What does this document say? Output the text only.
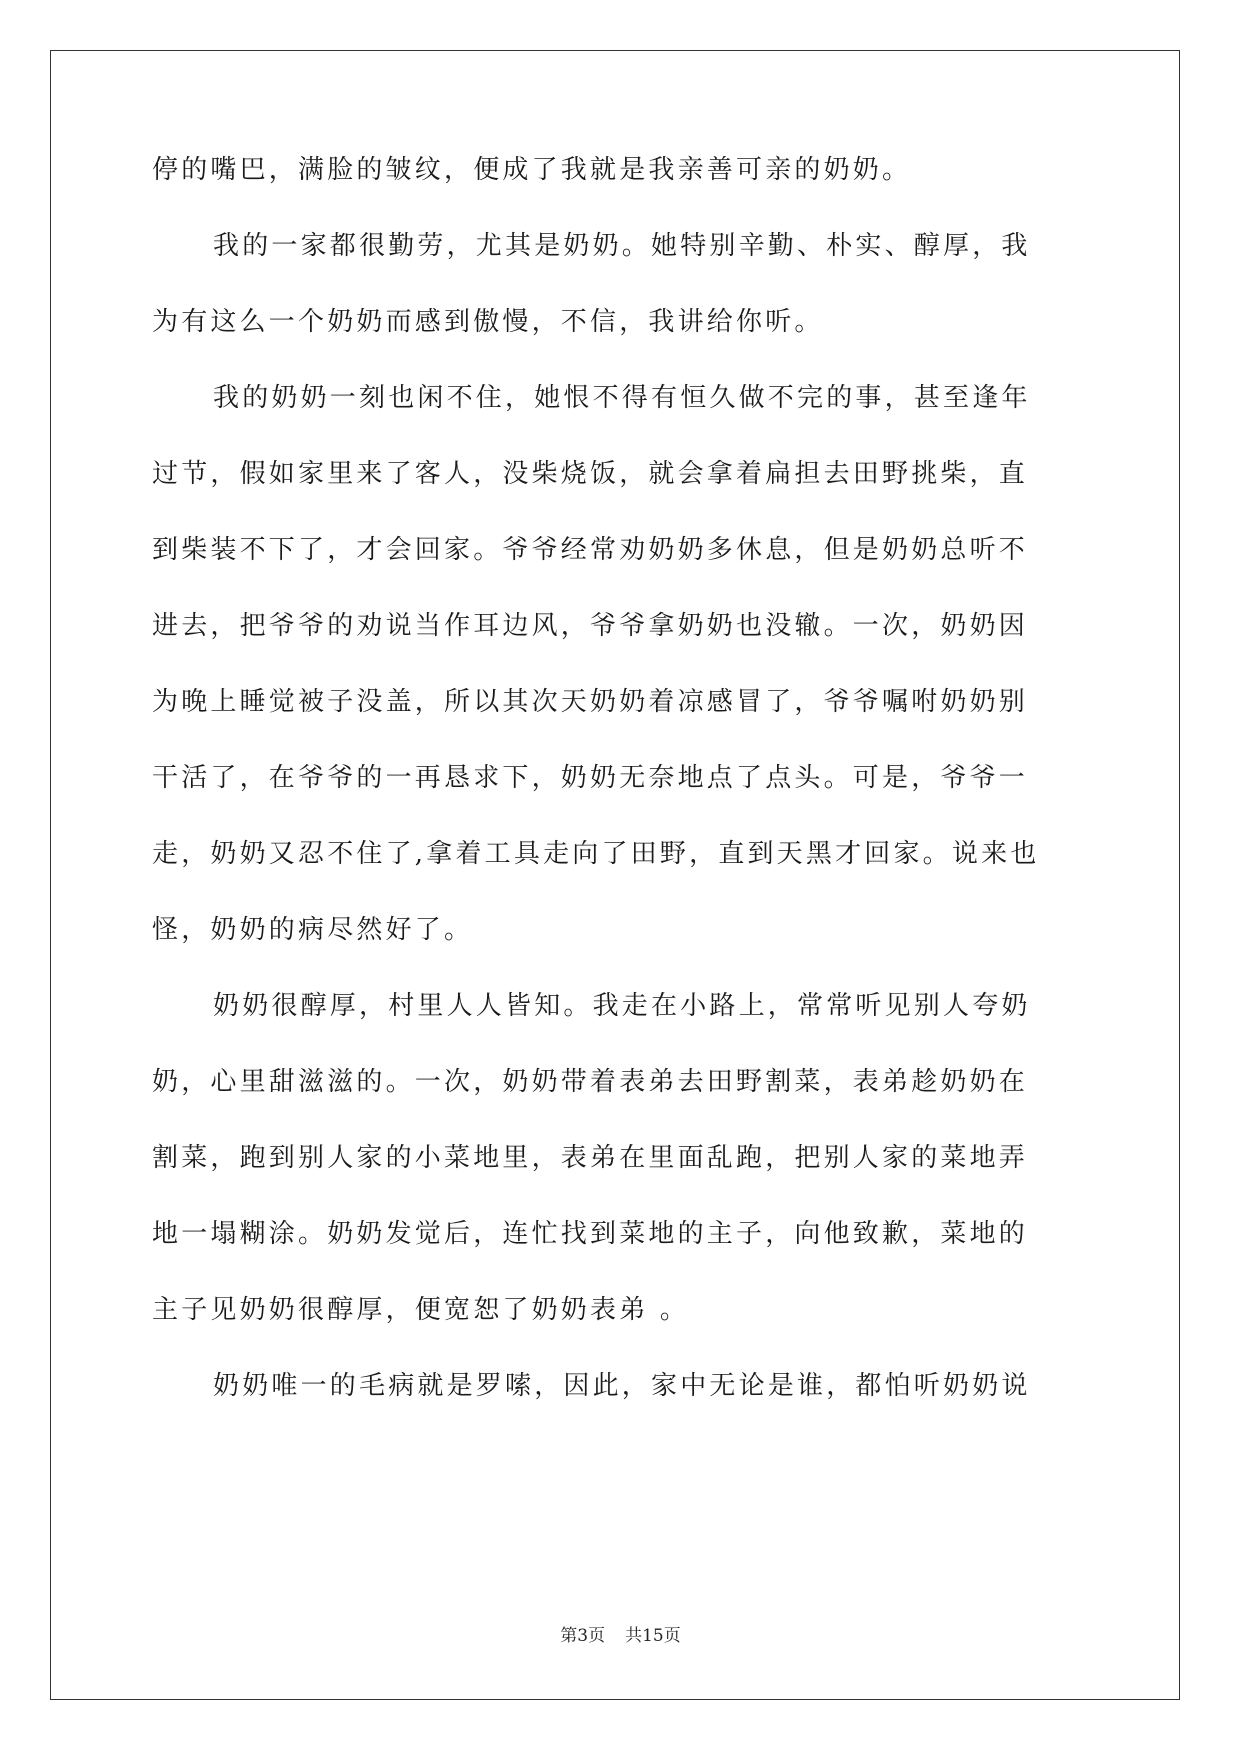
停的嘴巴，满脸的皱纹，便成了我就是我亲善可亲的奶奶。
我的一家都很勤劳，尤其是奶奶。她特别辛勤、朴实、醇厚，我
为有这么一个奶奶而感到傲慢，不信，我讲给你听。
我的奶奶一刻也闲不住，她恨不得有恒久做不完的事，甚至逢年
过节，假如家里来了客人，没柴烧饭，就会拿着扁担去田野挑柴，直
到柴装不下了，才会回家。爷爷经常劝奶奶多休息，但是奶奶总听不
进去，把爷爷的劝说当作耳边风，爷爷拿奶奶也没辙。一次，奶奶因
为晚上睡觉被子没盖，所以其次天奶奶着凉感冒了，爷爷嘱咐奶奶别
干活了，在爷爷的一再恳求下，奶奶无奈地点了点头。可是，爷爷一
走，奶奶又忍不住了,拿着工具走向了田野，直到天黑才回家。说来也
怪，奶奶的病尽然好了。
奶奶很醇厚，村里人人皆知。我走在小路上，常常听见别人夸奶
奶，心里甜滋滋的。一次，奶奶带着表弟去田野割菜，表弟趁奶奶在
割菜，跑到别人家的小菜地里，表弟在里面乱跑，把别人家的菜地弄
地一塌糊涂。奶奶发觉后，连忙找到菜地的主子，向他致歉，菜地的
主子见奶奶很醇厚，便宽恕了奶奶表弟 。
奶奶唯一的毛病就是罗嗦，因此，家中无论是谁，都怕听奶奶说
第3页 共15页
